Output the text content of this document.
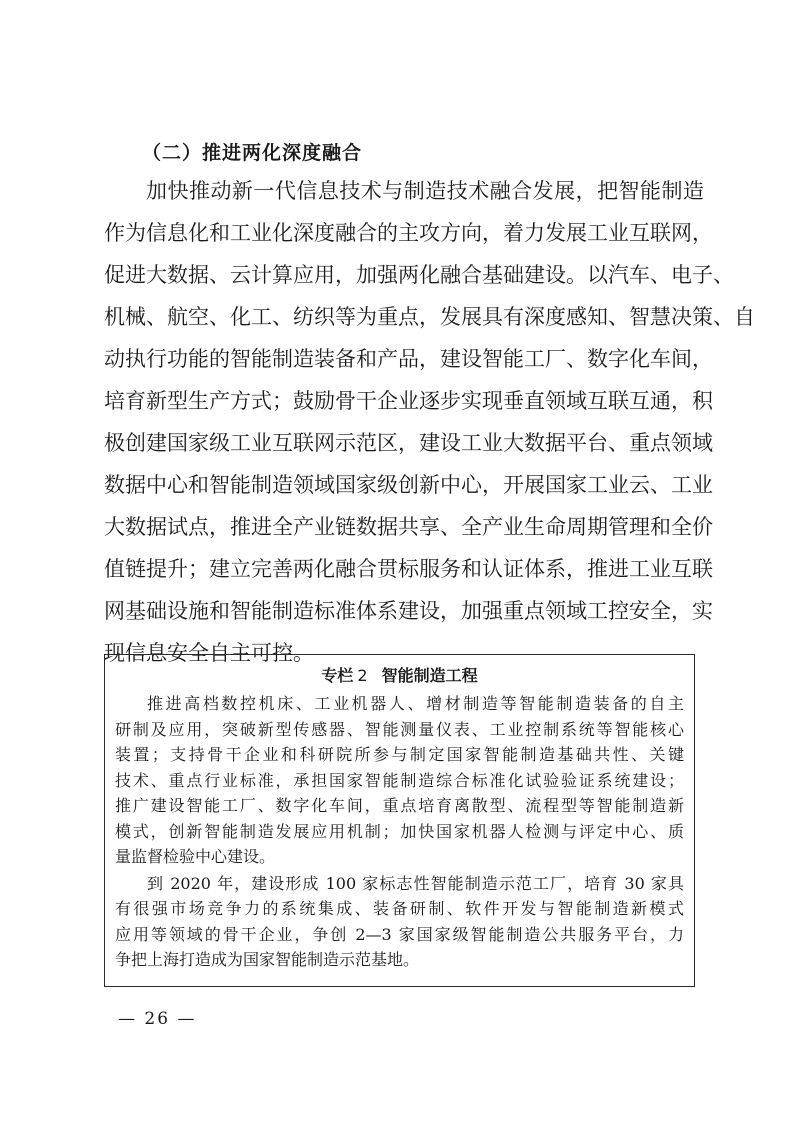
（二）推进两化深度融合
加快推动新一代信息技术与制造技术融合发展，把智能制造
作为信息化和工业化深度融合的主攻方向，着力发展工业互联网，
促进大数据、云计算应用，加强两化融合基础建设。以汽车、电子、
机械、航空、化工、纺织等为重点，发展具有深度感知、智慧决策、自
动执行功能的智能制造装备和产品，建设智能工厂、数字化车间，
培育新型生产方式；鼓励骨干企业逐步实现垂直领域互联互通，积
极创建国家级工业互联网示范区，建设工业大数据平台、重点领域
数据中心和智能制造领域国家级创新中心，开展国家工业云、工业
大数据试点，推进全产业链数据共享、全产业生命周期管理和全价
值链提升；建立完善两化融合贯标服务和认证体系，推进工业互联
网基础设施和智能制造标准体系建设，加强重点领域工控安全，实
现信息安全自主可控。
专栏 2 智能制造工程
推进高档数控机床、工业机器人、增材制造等智能制造装备的自主
研制及应用，突破新型传感器、智能测量仪表、工业控制系统等智能核心
装置；支持骨干企业和科研院所参与制定国家智能制造基础共性、关键
技术、重点行业标准，承担国家智能制造综合标准化试验验证系统建设；
推广建设智能工厂、数字化车间，重点培育离散型、流程型等智能制造新
模式，创新智能制造发展应用机制；加快国家机器人检测与评定中心、质
量监督检验中心建设。
到 2020 年，建设形成 100 家标志性智能制造示范工厂，培育 30 家具
有很强市场竞争力的系统集成、装备研制、软件开发与智能制造新模式
应用等领域的骨干企业，争创 2—3 家国家级智能制造公共服务平台，力
争把上海打造成为国家智能制造示范基地。
— 26 —
